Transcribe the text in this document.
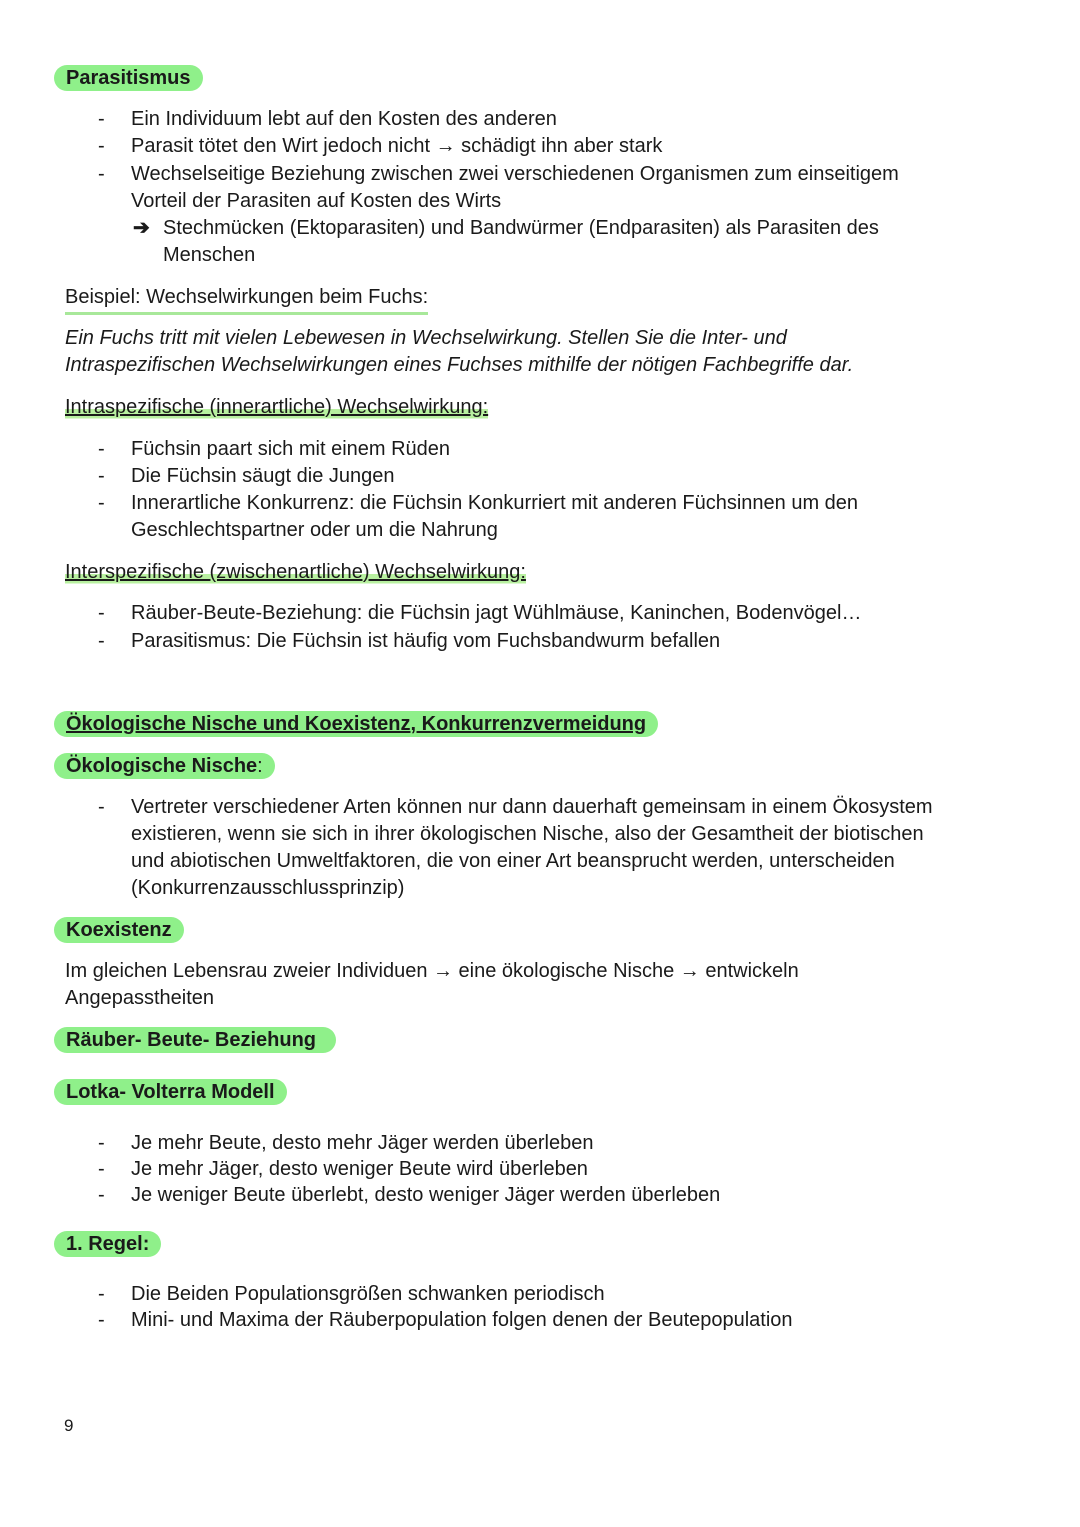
Parasitismus
- Ein Individuum lebt auf den Kosten des anderen
- Parasit tötet den Wirt jedoch nicht → schädigt ihn aber stark
- Wechselseitige Beziehung zwischen zwei verschiedenen Organismen zum einseitigem
Vorteil der Parasiten auf Kosten des Wirts
➔ Stechmücken (Ektoparasiten) und Bandwürmer (Endparasiten) als Parasiten des
Menschen
Beispiel: Wechselwirkungen beim Fuchs:
Ein Fuchs tritt mit vielen Lebewesen in Wechselwirkung. Stellen Sie die Inter- und
Intraspezifischen Wechselwirkungen eines Fuchses mithilfe der nötigen Fachbegriffe dar.
Intraspezifische (innerartliche) Wechselwirkung:
- Füchsin paart sich mit einem Rüden
- Die Füchsin säugt die Jungen
- Innerartliche Konkurrenz: die Füchsin Konkurriert mit anderen Füchsinnen um den
Geschlechtspartner oder um die Nahrung
Interspezifische (zwischenartliche) Wechselwirkung:
- Räuber-Beute-Beziehung: die Füchsin jagt Wühlmäuse, Kaninchen, Bodenvögel…
- Parasitismus: Die Füchsin ist häufig vom Fuchsbandwurm befallen
Ökologische Nische und Koexistenz, Konkurrenzvermeidung
Ökologische Nische:
- Vertreter verschiedener Arten können nur dann dauerhaft gemeinsam in einem Ökosystem
existieren, wenn sie sich in ihrer ökologischen Nische, also der Gesamtheit der biotischen
und abiotischen Umweltfaktoren, die von einer Art beansprucht werden, unterscheiden
(Konkurrenzausschlussprinzip)
Koexistenz
Im gleichen Lebensrau zweier Individuen → eine ökologische Nische → entwickeln
Angepasstheiten
Räuber- Beute- Beziehung
Lotka- Volterra Modell
- Je mehr Beute, desto mehr Jäger werden überleben
- Je mehr Jäger, desto weniger Beute wird überleben
- Je weniger Beute überlebt, desto weniger Jäger werden überleben
1. Regel:
- Die Beiden Populationsgrößen schwanken periodisch
- Mini- und Maxima der Räuberpopulation folgen denen der Beutepopulation
9
